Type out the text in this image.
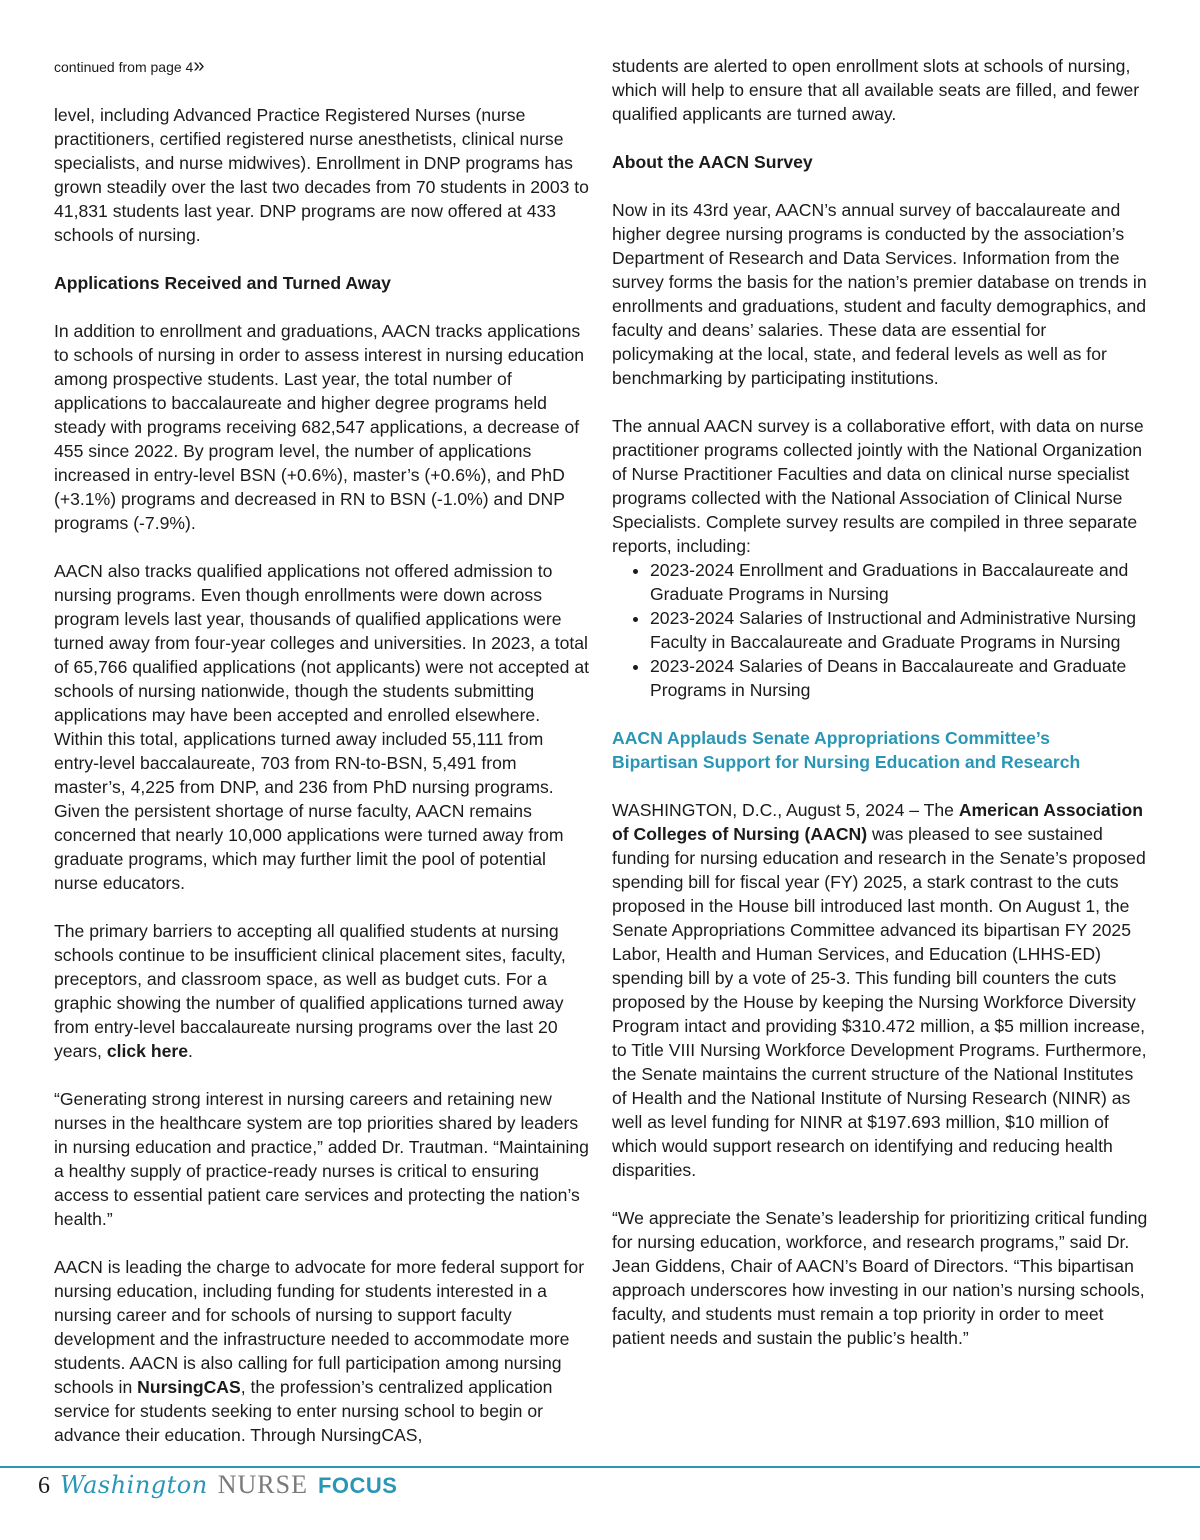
continued from page 4»

level, including Advanced Practice Registered Nurses (nurse practitioners, certified registered nurse anesthetists, clinical nurse specialists, and nurse midwives). Enrollment in DNP programs has grown steadily over the last two decades from 70 students in 2003 to 41,831 students last year. DNP programs are now offered at 433 schools of nursing.

Applications Received and Turned Away

In addition to enrollment and graduations, AACN tracks applications to schools of nursing in order to assess interest in nursing education among prospective students. Last year, the total number of applications to baccalaureate and higher degree programs held steady with programs receiving 682,547 applications, a decrease of 455 since 2022. By program level, the number of applications increased in entry-level BSN (+0.6%), master’s (+0.6%), and PhD (+3.1%) programs and decreased in RN to BSN (-1.0%) and DNP programs (-7.9%).

AACN also tracks qualified applications not offered admission to nursing programs. Even though enrollments were down across program levels last year, thousands of qualified applications were turned away from four-year colleges and universities. In 2023, a total of 65,766 qualified applications (not applicants) were not accepted at schools of nursing nationwide, though the students submitting applications may have been accepted and enrolled elsewhere. Within this total, applications turned away included 55,111 from entry-level baccalaureate, 703 from RN-to-BSN, 5,491 from master’s, 4,225 from DNP, and 236 from PhD nursing programs. Given the persistent shortage of nurse faculty, AACN remains concerned that nearly 10,000 applications were turned away from graduate programs, which may further limit the pool of potential nurse educators.

The primary barriers to accepting all qualified students at nursing schools continue to be insufficient clinical placement sites, faculty, preceptors, and classroom space, as well as budget cuts. For a graphic showing the number of qualified applications turned away from entry-level baccalaureate nursing programs over the last 20 years, click here.

“Generating strong interest in nursing careers and retaining new nurses in the healthcare system are top priorities shared by leaders in nursing education and practice,” added Dr. Trautman. “Maintaining a healthy supply of practice-ready nurses is critical to ensuring access to essential patient care services and protecting the nation’s health.”

AACN is leading the charge to advocate for more federal support for nursing education, including funding for students interested in a nursing career and for schools of nursing to support faculty development and the infrastructure needed to accommodate more students. AACN is also calling for full participation among nursing schools in NursingCAS, the profession’s centralized application service for students seeking to enter nursing school to begin or advance their education. Through NursingCAS,

students are alerted to open enrollment slots at schools of nursing, which will help to ensure that all available seats are filled, and fewer qualified applicants are turned away.

About the AACN Survey

Now in its 43rd year, AACN’s annual survey of baccalaureate and higher degree nursing programs is conducted by the association’s Department of Research and Data Services. Information from the survey forms the basis for the nation’s premier database on trends in enrollments and graduations, student and faculty demographics, and faculty and deans’ salaries. These data are essential for policymaking at the local, state, and federal levels as well as for benchmarking by participating institutions.

The annual AACN survey is a collaborative effort, with data on nurse practitioner programs collected jointly with the National Organization of Nurse Practitioner Faculties and data on clinical nurse specialist programs collected with the National Association of Clinical Nurse Specialists. Complete survey results are compiled in three separate reports, including:

• 2023-2024 Enrollment and Graduations in Baccalaureate and Graduate Programs in Nursing
• 2023-2024 Salaries of Instructional and Administrative Nursing Faculty in Baccalaureate and Graduate Programs in Nursing
• 2023-2024 Salaries of Deans in Baccalaureate and Graduate Programs in Nursing
AACN Applauds Senate Appropriations Committee’s
Bipartisan Support for Nursing Education and Research

WASHINGTON, D.C., August 5, 2024 – The American Association of Colleges of Nursing (AACN) was pleased to see sustained funding for nursing education and research in the Senate’s proposed spending bill for fiscal year (FY) 2025, a stark contrast to the cuts proposed in the House bill introduced last month. On August 1, the Senate Appropriations Committee advanced its bipartisan FY 2025 Labor, Health and Human Services, and Education (LHHS-ED) spending bill by a vote of 25-3. This funding bill counters the cuts proposed by the House by keeping the Nursing Workforce Diversity Program intact and providing $310.472 million, a $5 million increase, to Title VIII Nursing Workforce Development Programs. Furthermore, the Senate maintains the current structure of the National Institutes of Health and the National Institute of Nursing Research (NINR) as well as level funding for NINR at $197.693 million, $10 million of which would support research on identifying and reducing health disparities.

“We appreciate the Senate’s leadership for prioritizing critical funding for nursing education, workforce, and research programs,” said Dr. Jean Giddens, Chair of AACN’s Board of Directors. “This bipartisan approach underscores how investing in our nation’s nursing schools, faculty, and students must remain a top priority in order to meet patient needs and sustain the public’s health.”

6 Washington NURSE FOCUS
